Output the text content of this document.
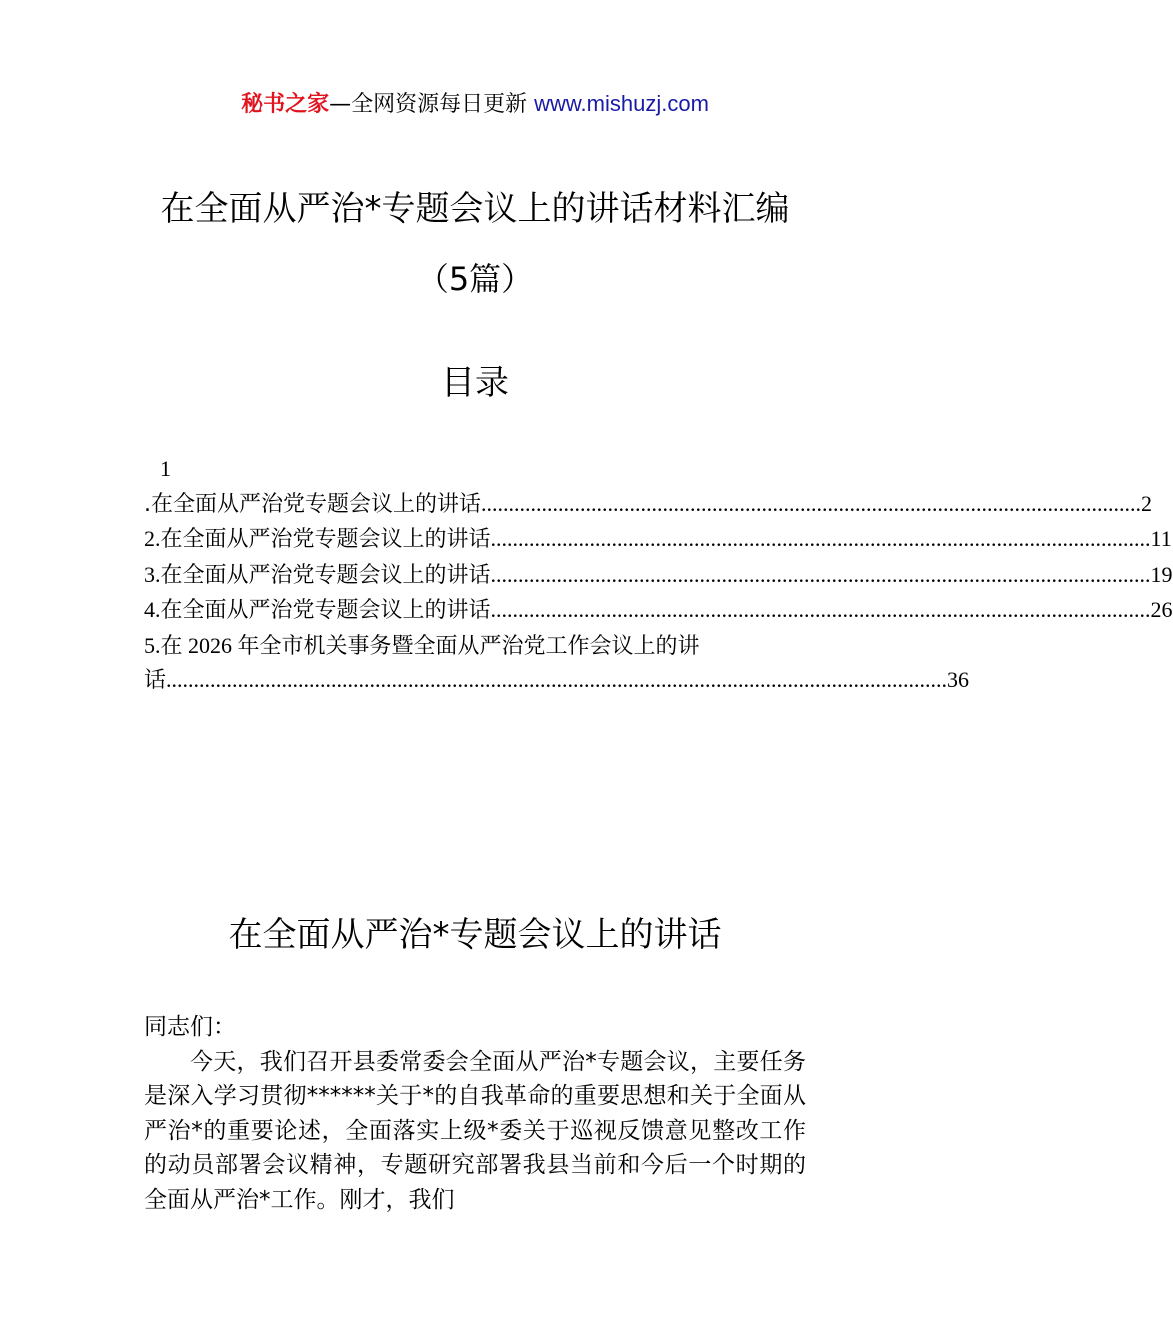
秘书之家—全网资源每日更新 www.mishuzj.com
在全面从严治*专题会议上的讲话材料汇编
（5篇）
目录
1
.在全面从严治党专题会议上的讲话 ........................................................................................................................ 2
2.在全面从严治党专题会议上的讲话 ........................................................................................................................ 11
3.在全面从严治党专题会议上的讲话 ........................................................................................................................ 19
4.在全面从严治党专题会议上的讲话 ........................................................................................................................ 26
5.在 2026 年全市机关事务暨全面从严治党工作会议上的讲
话 .............................................................................................................................................. 36
在全面从严治*专题会议上的讲话

同志们：

今天，我们召开县委常委会全面从严治*专题会议，主要任务是深入学习贯彻******关于*的自我革命的重要思想和关于全面从严治*的重要论述，全面落实上级*委关于巡视反馈意见整改工作的动员部署会议精神，专题研究部署我县当前和今后一个时期的全面从严治*工作。刚才，我们
